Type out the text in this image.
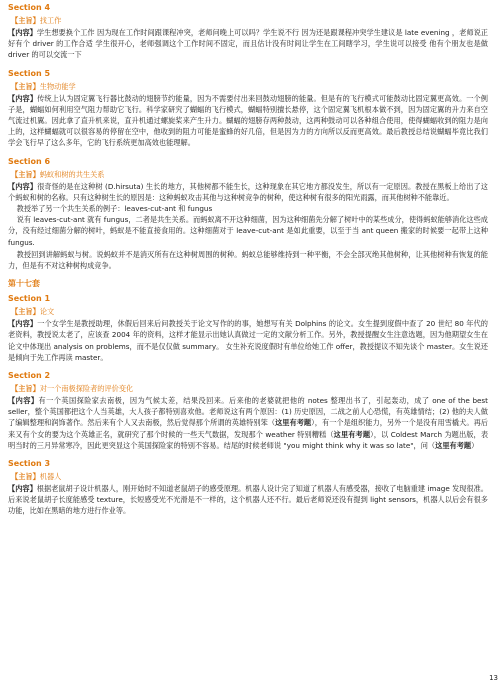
Section 4
【主旨】找工作

【内容】学生想要换个工作 因为现在工作时间跟课程冲突，老师问晚上可以吗？学生说不行 因为还是跟课程冲突学生建议是 late evening ，老师说正好有个 driver 的工作合适 学生很开心，老师强调这个工作时间不固定，而且估计没有时间让学生在工间瞎学习，学生说可以接受 他有个朋友也是做 driver 的可以交流一下

Section 5
【主旨】生物动能学

【内容】传统上认为固定翼飞行器比鼓动的翅膀节约能量，因为不需要付出来回鼓动翅膀的能量。但是有的飞行模式可能鼓动比固定翼更高效。一个例子是，蝴蝠如何利用空气阻力帮助它飞行。科学家研究了蝴蝠的飞行模式，蝴蝠特别擅长悬停，这个固定翼飞机根本做不到，因为固定翼的升力来自空气流过机翼。因此拿了直升机来说，直升机通过螺旋桨来产生升力。蝴蝠的翅膀存两种鼓动，这两种鼓动可以各种组合使用，使得蝴蝠收到的阻力是向上的，这样蝴蝠就可以很容易的停留在空中，他收到的阻力可能是蜜蜂的好几倍，但是因为力的方向所以反而更高效。最后教授总结说蝴蝠毕竟比我们学会飞行早了这么多年，它的飞行系统更加高效也能理解。

Section 6
【主旨】蚂蚁和树的共生关系

【内容】很奇怪的是在这种树 (D.hirsuta) 生长的地方，其他树都不能生长，这种现象在其它地方都没发生，所以有一定原因。教授在黑板上给出了这个蚂蚁和树的名称。只有这种树生长的原因是：这种蚂蚁攻击其他与这种树竞争的树种，使这种树有很多的阳光雨露，而其他树种不能靠近。

教授举了另一个共生关系的例子：leaves-cut-ant 和 fungus

说有 leaves-cut-ant 就有 fungus，二者是共生关系。而蚂蚁离不开这种细菌，因为这种细菌先分解了树叶中的某些成分，使得蚂蚁能够消化这些成分，没有经过细菌分解的树叶，蚂蚁是不能直接食用的。这种细菌对于 leave-cut-ant 是如此重要，以至于当 ant queen 搬家的时候要一起带上这种 fungus.

教授回到讲解蚂蚁与树。说蚂蚁并不是消灭所有在这种树周围的树种。蚂蚁总能够维持到一种平衡，不会全部灭绝其他树种，让其他树种有恢复的能力，但是有不对这种树构成竞争。

第十七套
Section 1
【主旨】论文

【内容】一个女学生是教授助理，休假后回来后问教授关于论文写作的的事，她想写有关 Dolphins 的论文。女生提到度假中查了 20 世纪 80 年代的老资料，教授说太老了，应该查 2004 年的资料，这样才能显示出她认真做过一定的文献分析工作。另外，教授提醒女生注意选题，因为他期望女生在论文中体现出 analysis on problems，而不是仅仅做 summary。 女生补充说度假时有单位给她工作 offer，教授提议不知先谈个 master。女生说还是倾向于先工作再读 master。

Section 2
【主旨】对一个南极探险者的评价变化

【内容】有一个英国探险家去南极，因为气候太差，结果没回来。后来他的老婆就把他的 notes 整理出书了，引起轰动，成了 one of the best seller，整个英国都把这个人当英雄，大人孩子都特别喜欢他。老师说这有两个原因：(1) 历史原因，二战之前人心恐慌，有英雄情结；(2) 他的夫人做了编辑整理和润饰著作。然后来有个人又去南极，然后觉得那个所谓的英雄特别笨（这里有考题），有一个是组织能力，另外一个是没有用雪橇犬。再后来又有个女的要为这个英雄正名，就研究了那个时候的一些天气数据，发现那个 weather 特别糟糕（这里有考题），以 Coldest March 为题出版，表明当时的三月异常寒冷，因此更突显这个英国探险家的特别不容易。结尾的时候老师说 "you might think why it was so late"，问（这里有考题）

Section 3
【主旨】机器人

【内容】根据老鼠胡子设计机器人，刚开始时不知道老鼠胡子的感受原理。机器人设计完了知道了机器人有感受器，接收了电脑重建 image 发现很准。后来说老鼠胡子长度能感受 texture，长短感受光不光滑是不一样的，这个机器人还不行。最后老师说还没有提到 light sensors，机器人以后会有很多功能，比如在黑暗的地方进行作业等。

13
